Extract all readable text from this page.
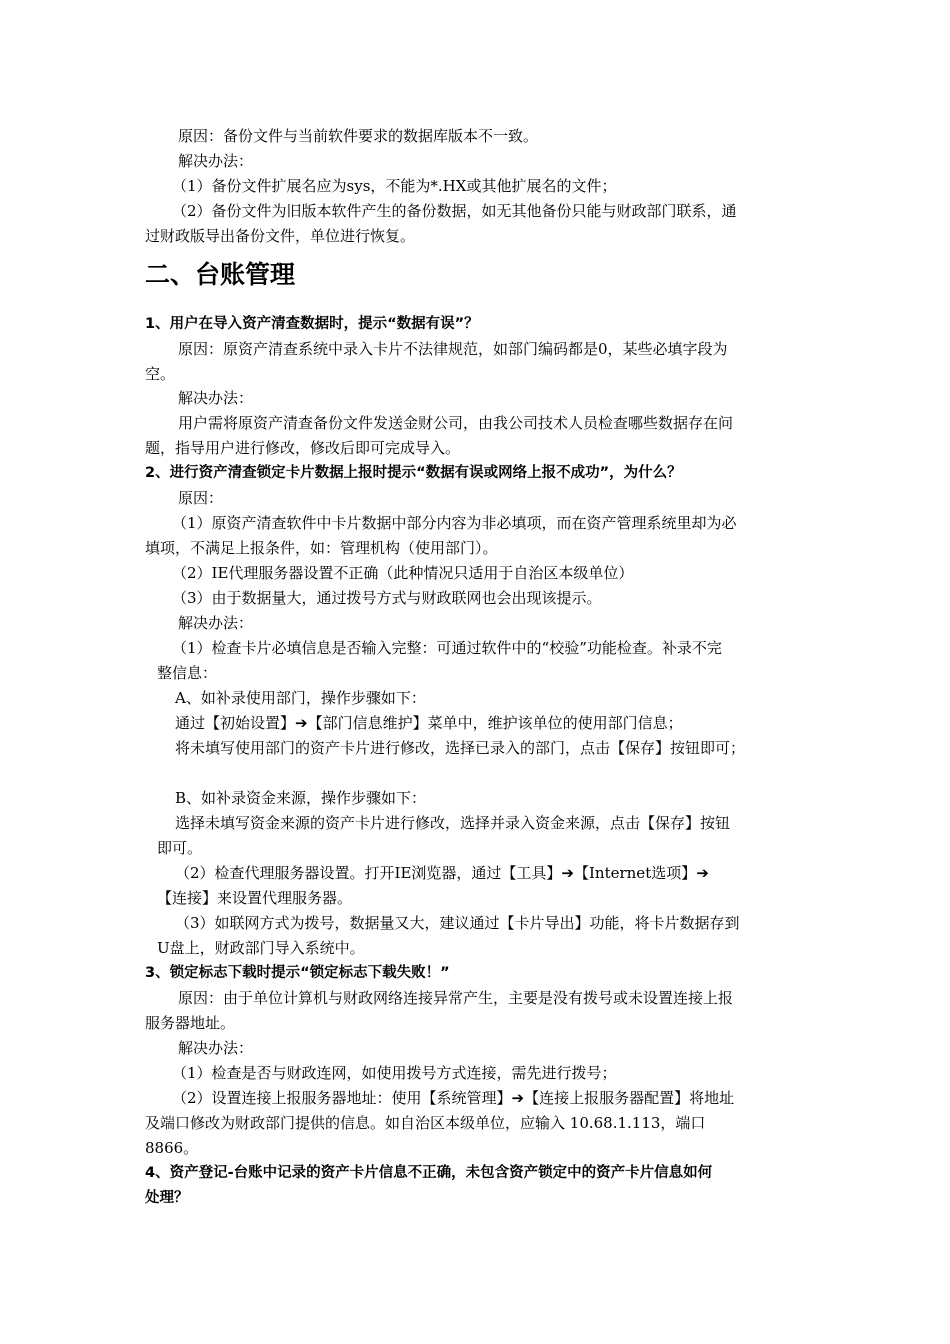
原因：备份文件与当前软件要求的数据库版本不一致。
解决办法：
（1）备份文件扩展名应为sys，不能为*.HX或其他扩展名的文件；
（2）备份文件为旧版本软件产生的备份数据，如无其他备份只能与财政部门联系，通
过财政版导出备份文件，单位进行恢复。
二、台账管理
1、用户在导入资产清查数据时，提示“数据有误”？
原因：原资产清查系统中录入卡片不法律规范，如部门编码都是0，某些必填字段为
空。
解决办法：
用户需将原资产清查备份文件发送金财公司，由我公司技术人员检查哪些数据存在问
题，指导用户进行修改，修改后即可完成导入。
2、进行资产清查锁定卡片数据上报时提示“数据有误或网络上报不成功”，为什么？
原因：
（1）原资产清查软件中卡片数据中部分内容为非必填项，而在资产管理系统里却为必
填项，不满足上报条件，如：管理机构（使用部门）。
（2）IE代理服务器设置不正确（此种情况只适用于自治区本级单位）
（3）由于数据量大，通过拨号方式与财政联网也会出现该提示。
解决办法：
（1）检查卡片必填信息是否输入完整：可通过软件中的“校验”功能检查。补录不完
整信息：
A、如补录使用部门，操作步骤如下：
通过【初始设置】➔【部门信息维护】菜单中，维护该单位的使用部门信息；
将未填写使用部门的资产卡片进行修改，选择已录入的部门，点击【保存】按钮即可；
B、如补录资金来源，操作步骤如下：
选择未填写资金来源的资产卡片进行修改，选择并录入资金来源，点击【保存】按钮
即可。
（2）检查代理服务器设置。打开IE浏览器，通过【工具】➔【Internet选项】➔
【连接】来设置代理服务器。
（3）如联网方式为拨号，数据量又大，建议通过【卡片导出】功能，将卡片数据存到
U盘上，财政部门导入系统中。
3、锁定标志下载时提示“锁定标志下载失败！”
原因：由于单位计算机与财政网络连接异常产生，主要是没有拨号或未设置连接上报
服务器地址。
解决办法：
（1）检查是否与财政连网，如使用拨号方式连接，需先进行拨号；
（2）设置连接上报服务器地址：使用【系统管理】➔【连接上报服务器配置】将地址
及端口修改为财政部门提供的信息。如自治区本级单位，应输入 10.68.1.113，端口
8866。
4、资产登记-台账中记录的资产卡片信息不正确，未包含资产锁定中的资产卡片信息如何
处理？
